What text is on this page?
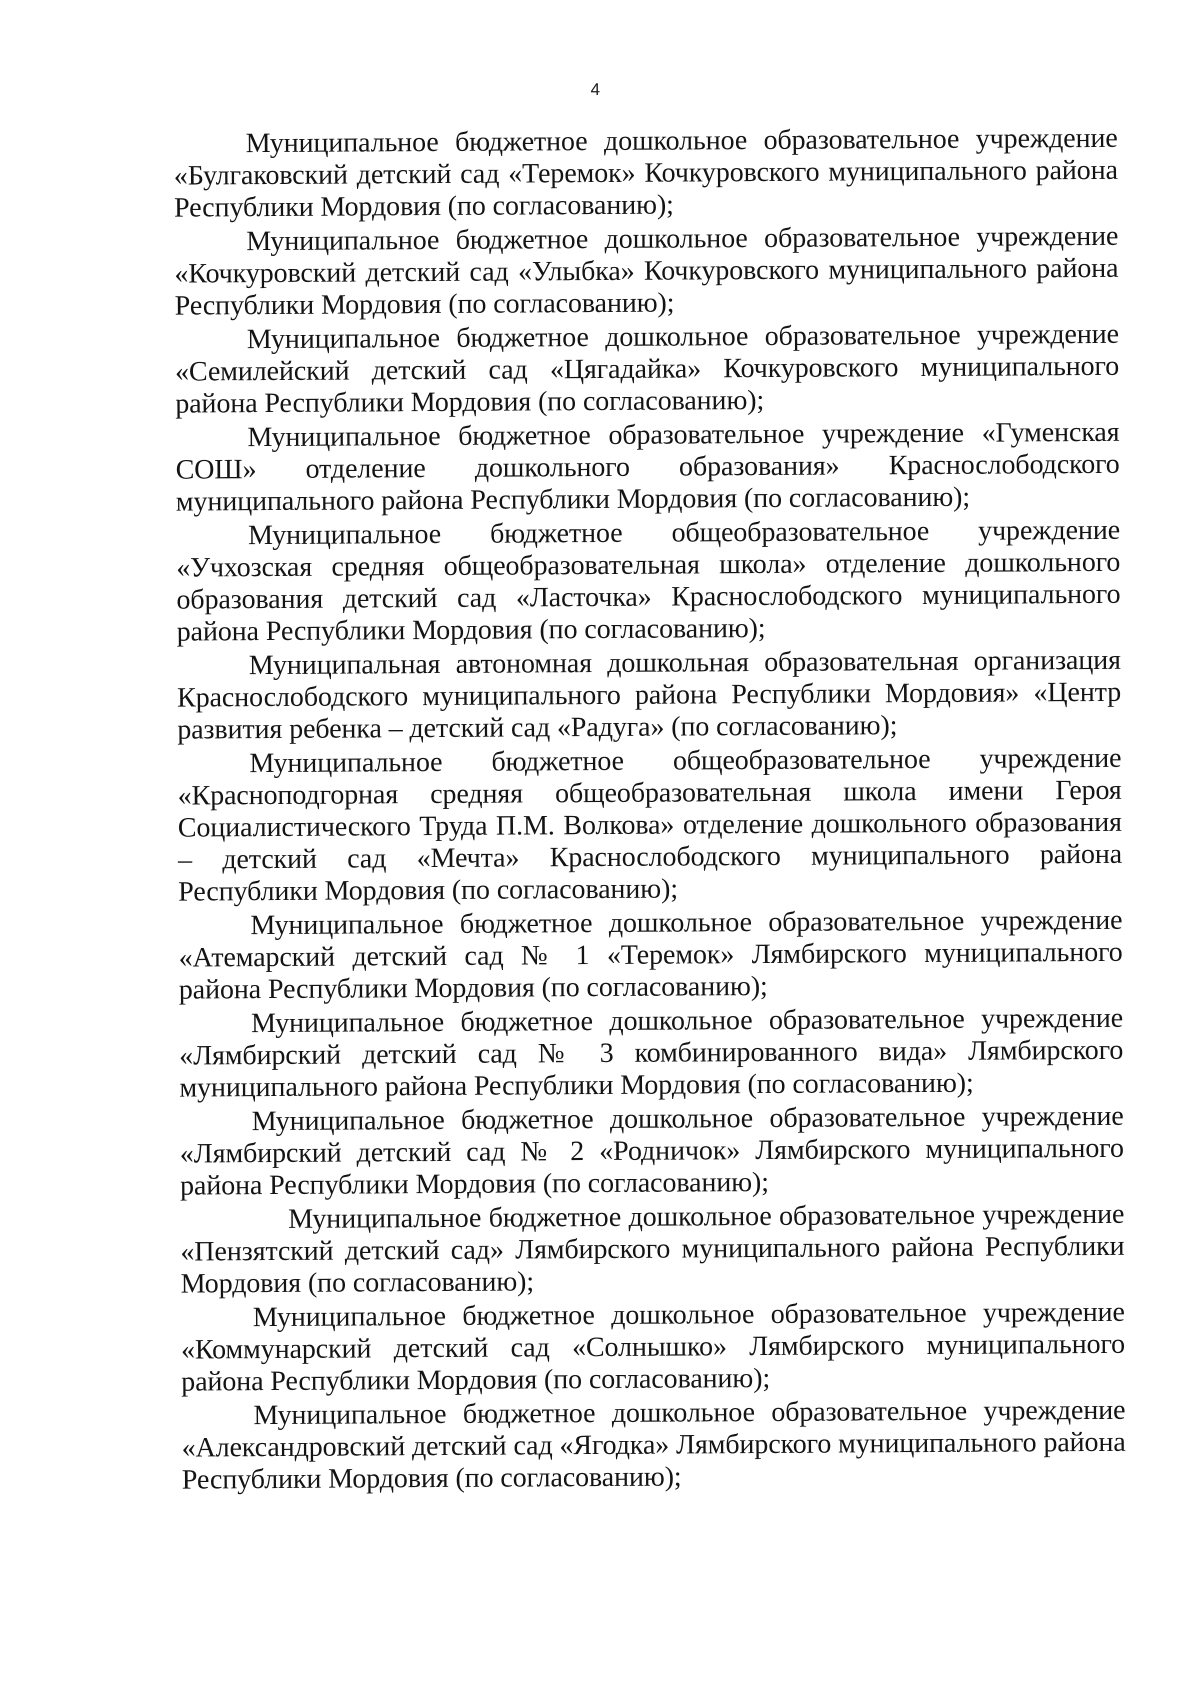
4

Муниципальное бюджетное дошкольное образовательное учреждение «Булгаковский детский сад «Теремок» Кочкуровского муниципального района Республики Мордовия (по согласованию);

Муниципальное бюджетное дошкольное образовательное учреждение «Кочкуровский детский сад «Улыбка» Кочкуровского муниципального района Республики Мордовия (по согласованию);

Муниципальное бюджетное дошкольное образовательное учреждение «Семилейский детский сад «Цягадайка» Кочкуровского муниципального района Республики Мордовия (по согласованию);

Муниципальное бюджетное образовательное учреждение «Гуменская СОШ» отделение дошкольного образования» Краснослободского муниципального района Республики Мордовия (по согласованию);

Муниципальное бюджетное общеобразовательное учреждение «Учхозская средняя общеобразовательная школа» отделение дошкольного образования детский сад «Ласточка» Краснослободского муниципального района Республики Мордовия (по согласованию);

Муниципальная автономная дошкольная образовательная организация Краснослободского муниципального района Республики Мордовия» «Центр развития ребенка – детский сад «Радуга» (по согласованию);

Муниципальное бюджетное общеобразовательное учреждение «Красноподгорная средняя общеобразовательная школа имени Героя Социалистического Труда П.М. Волкова» отделение дошкольного образования – детский сад «Мечта» Краснослободского муниципального района Республики Мордовия (по согласованию);

Муниципальное бюджетное дошкольное образовательное учреждение «Атемарский детский сад № 1 «Теремок» Лямбирского муниципального района Республики Мордовия (по согласованию);

Муниципальное бюджетное дошкольное образовательное учреждение «Лямбирский детский сад № 3 комбинированного вида» Лямбирского муниципального района Республики Мордовия (по согласованию);

Муниципальное бюджетное дошкольное образовательное учреждение «Лямбирский детский сад № 2 «Родничок» Лямбирского муниципального района Республики Мордовия (по согласованию);

Муниципальное бюджетное дошкольное образовательное учреждение «Пензятский детский сад» Лямбирского муниципального района Республики Мордовия (по согласованию);

Муниципальное бюджетное дошкольное образовательное учреждение «Коммунарский детский сад «Солнышко» Лямбирского муниципального района Республики Мордовия (по согласованию);

Муниципальное бюджетное дошкольное образовательное учреждение «Александровский детский сад «Ягодка» Лямбирского муниципального района Республики Мордовия (по согласованию);
